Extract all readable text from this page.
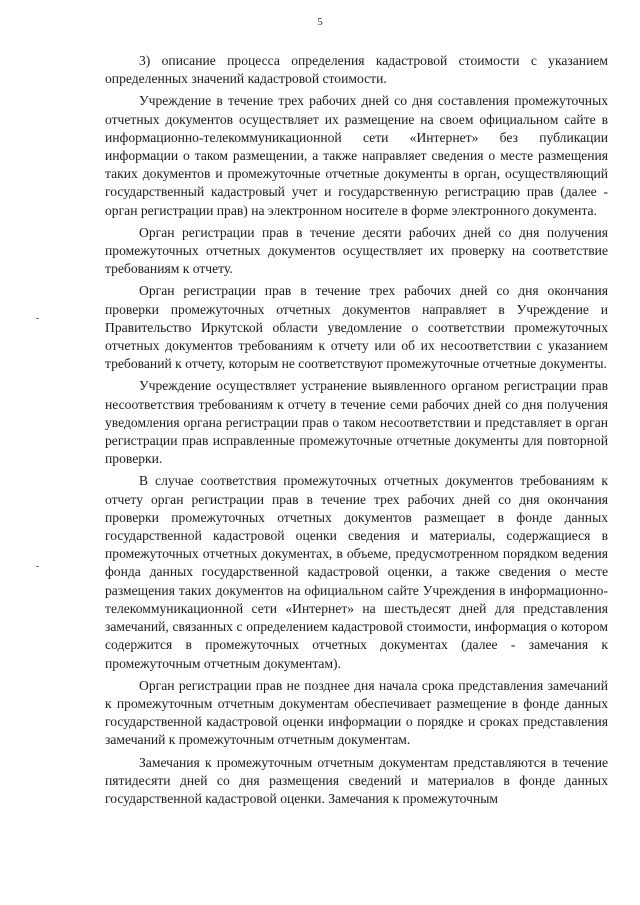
5

3) описание процесса определения кадастровой стоимости с указанием определенных значений кадастровой стоимости.

Учреждение в течение трех рабочих дней со дня составления промежуточных отчетных документов осуществляет их размещение на своем официальном сайте в информационно-телекоммуникационной сети «Интернет» без публикации информации о таком размещении, а также направляет сведения о месте размещения таких документов и промежуточные отчетные документы в орган, осуществляющий государственный кадастровый учет и государственную регистрацию прав (далее - орган регистрации прав) на электронном носителе в форме электронного документа.

Орган регистрации прав в течение десяти рабочих дней со дня получения промежуточных отчетных документов осуществляет их проверку на соответствие требованиям к отчету.

Орган регистрации прав в течение трех рабочих дней со дня окончания проверки промежуточных отчетных документов направляет в Учреждение и Правительство Иркутской области уведомление о соответствии промежуточных отчетных документов требованиям к отчету или об их несоответствии с указанием требований к отчету, которым не соответствуют промежуточные отчетные документы.

Учреждение осуществляет устранение выявленного органом регистрации прав несоответствия требованиям к отчету в течение семи рабочих дней со дня получения уведомления органа регистрации прав о таком несоответствии и представляет в орган регистрации прав исправленные промежуточные отчетные документы для повторной проверки.

В случае соответствия промежуточных отчетных документов требованиям к отчету орган регистрации прав в течение трех рабочих дней со дня окончания проверки промежуточных отчетных документов размещает в фонде данных государственной кадастровой оценки сведения и материалы, содержащиеся в промежуточных отчетных документах, в объеме, предусмотренном порядком ведения фонда данных государственной кадастровой оценки, а также сведения о месте размещения таких документов на официальном сайте Учреждения в информационно-телекоммуникационной сети «Интернет» на шестьдесят дней для представления замечаний, связанных с определением кадастровой стоимости, информация о котором содержится в промежуточных отчетных документах (далее - замечания к промежуточным отчетным документам).

Орган регистрации прав не позднее дня начала срока представления замечаний к промежуточным отчетным документам обеспечивает размещение в фонде данных государственной кадастровой оценки информации о порядке и сроках представления замечаний к промежуточным отчетным документам.

Замечания к промежуточным отчетным документам представляются в течение пятидесяти дней со дня размещения сведений и материалов в фонде данных государственной кадастровой оценки. Замечания к промежуточным
